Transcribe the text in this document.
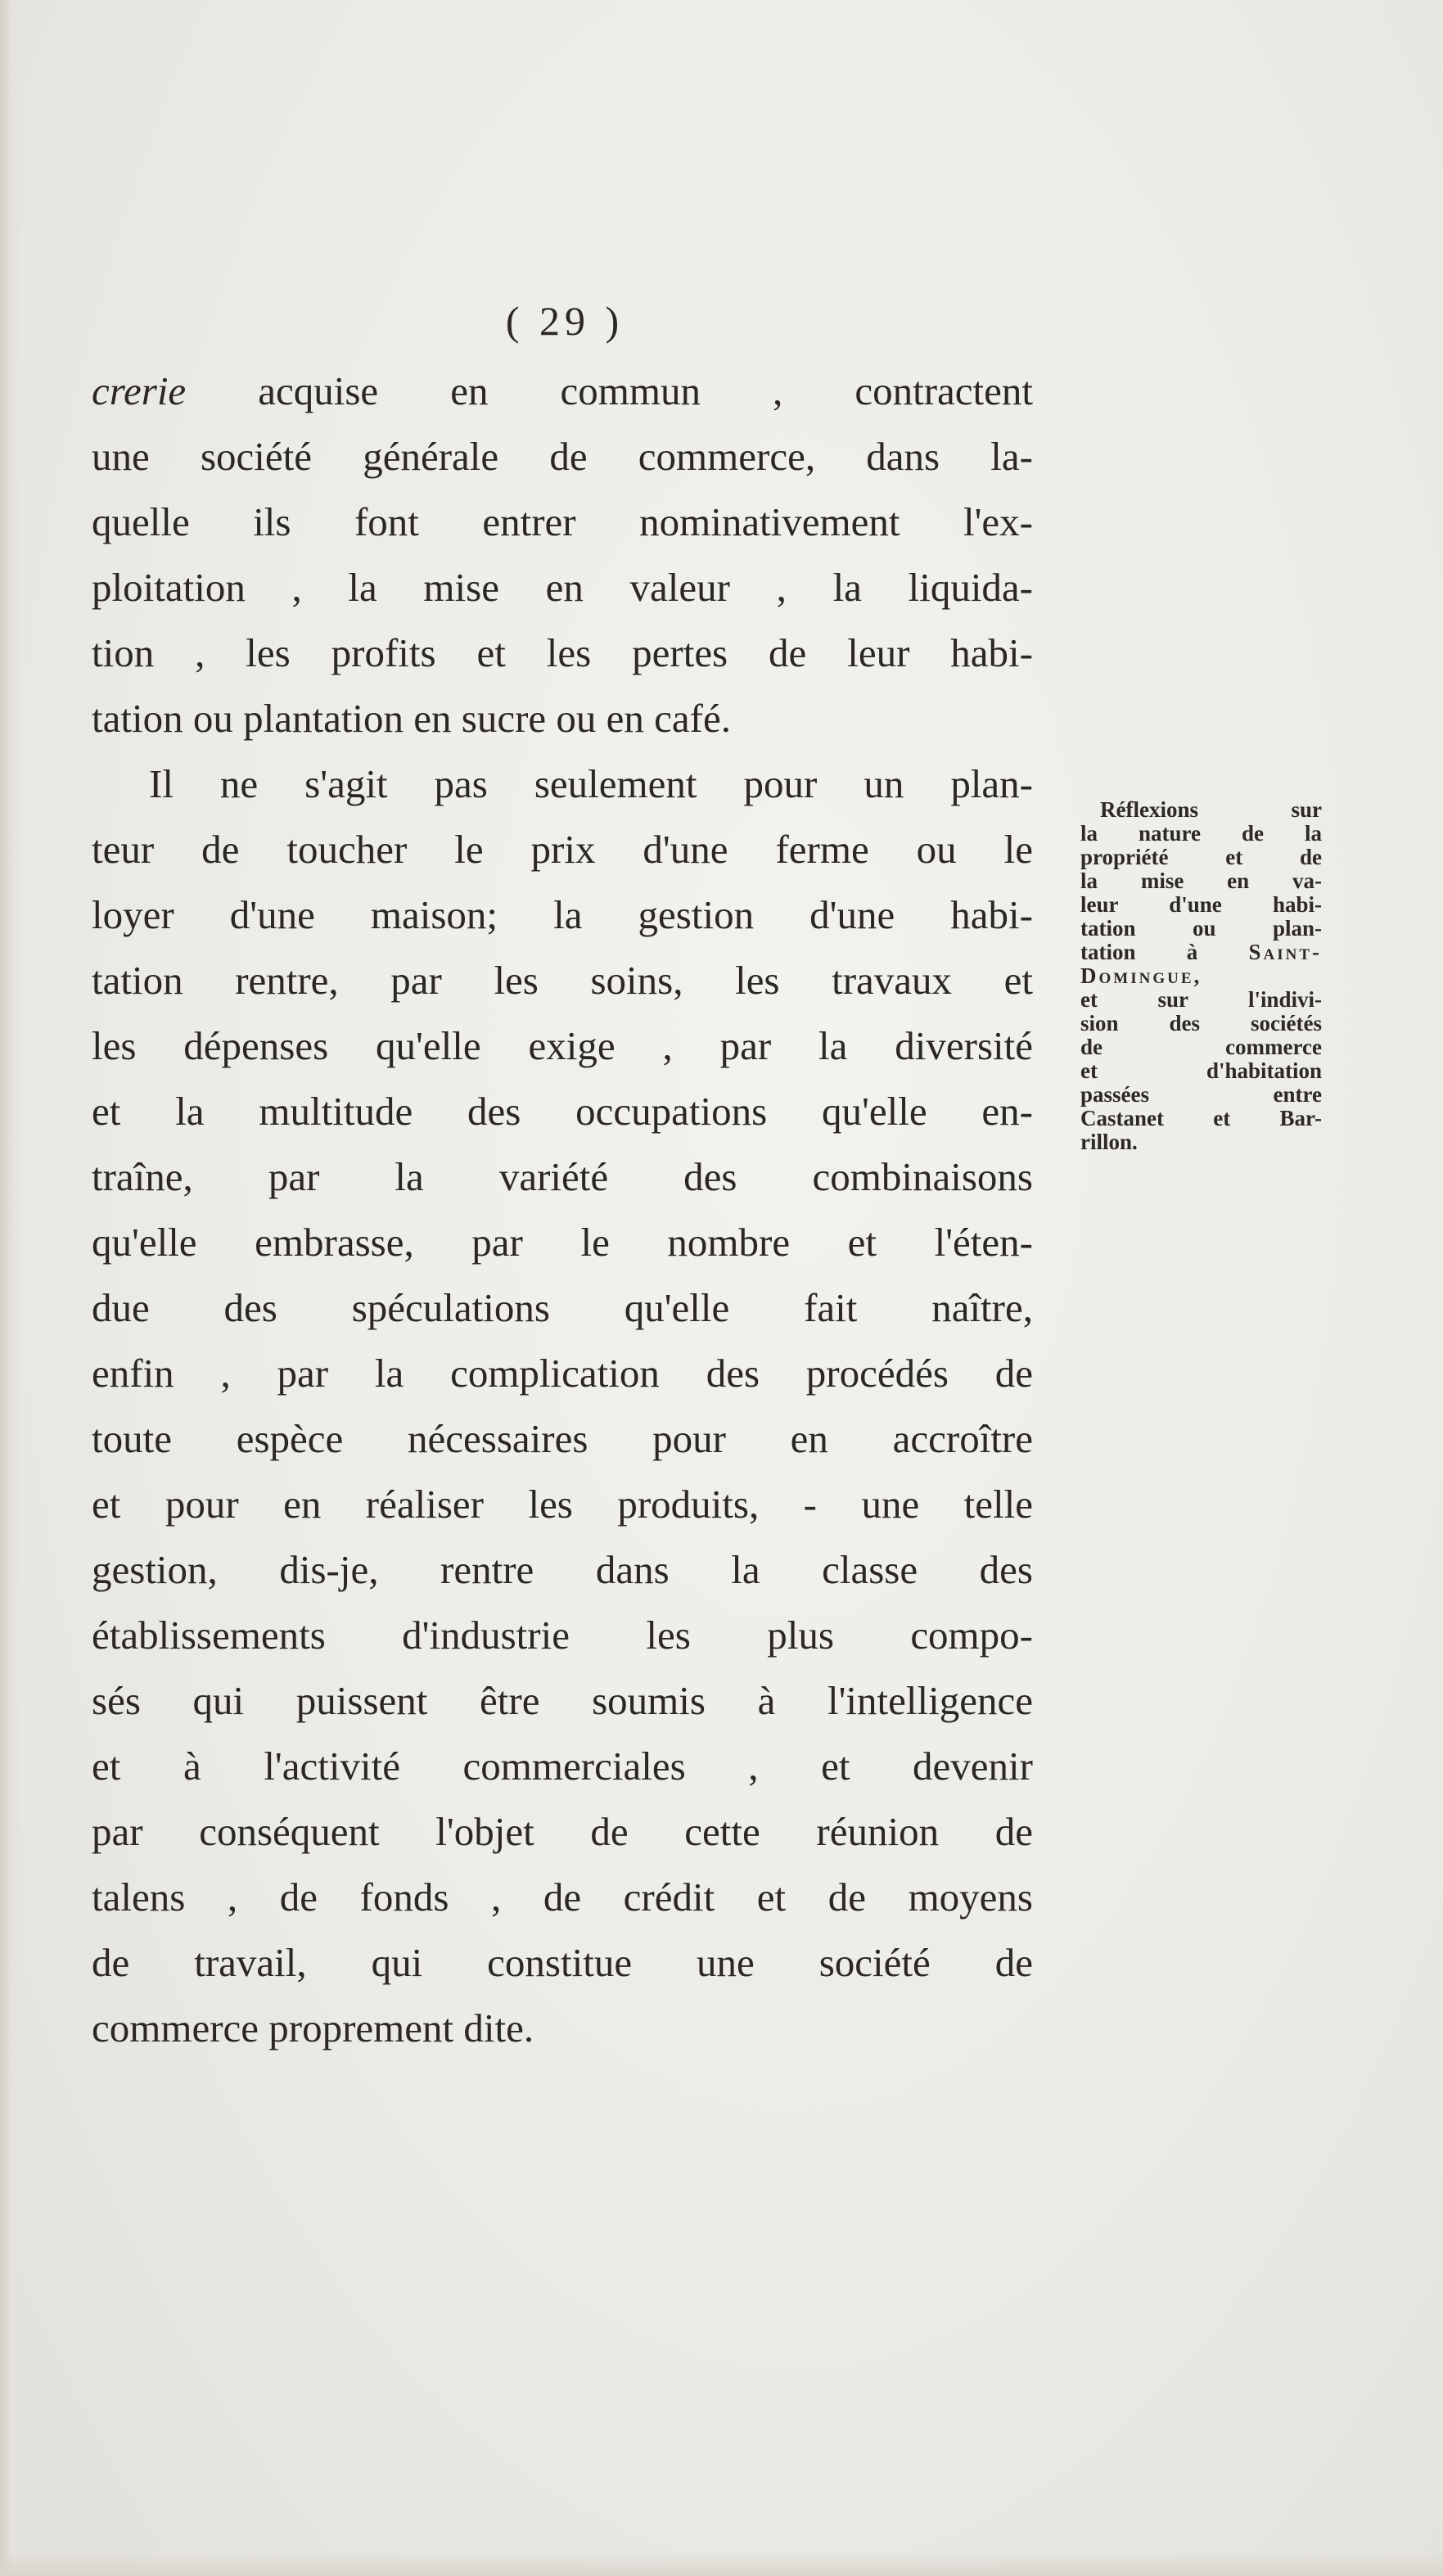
( 29 )
crerie acquise en commun , contractent
une société générale de commerce, dans la-
quelle ils font entrer nominativement l'ex-
ploitation , la mise en valeur , la liquida-
tion , les profits et les pertes de leur habi-
tation ou plantation en sucre ou en café.
Il ne s'agit pas seulement pour un plan-
teur de toucher le prix d'une ferme ou le
loyer d'une maison; la gestion d'une habi-
tation rentre, par les soins, les travaux et
les dépenses qu'elle exige , par la diversité
et la multitude des occupations qu'elle en-
traîne, par la variété des combinaisons
qu'elle embrasse, par le nombre et l'éten-
due des spéculations qu'elle fait naître,
enfin , par la complication des procédés de
toute espèce nécessaires pour en accroître
et pour en réaliser les produits, - une telle
gestion, dis-je, rentre dans la classe des
établissements d'industrie les plus compo-
sés qui puissent être soumis à l'intelligence
et à l'activité commerciales , et devenir
par conséquent l'objet de cette réunion de
talens , de fonds , de crédit et de moyens
de travail, qui constitue une société de
commerce proprement dite.
Réflexions sur
la nature de la
propriété et de
la mise en va-
leur d'une habi-
tation ou plan-
tation à Saint-
Domingue,
et sur l'indivi-
sion des sociétés
de commerce
et d'habitation
passées entre
Castanet et Bar-
rillon.
